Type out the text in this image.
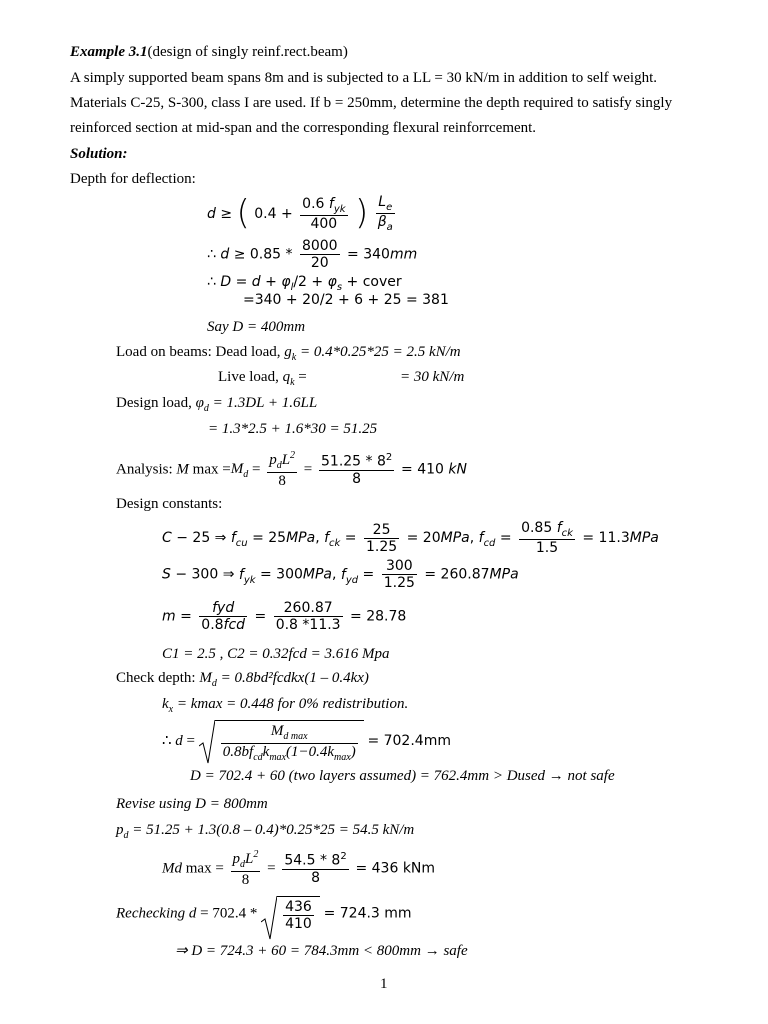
Example 3.1(design of singly reinf.rect.beam)
A simply supported beam spans 8m and is subjected to a LL = 30 kN/m in addition to self weight.
Materials C-25, S-300, class I are used. If b = 250mm, determine the depth required to satisfy singly
reinforced section at mid-span and the corresponding flexural reinforrcement.
Solution:
Depth for deflection:
d ≥ ( $0.4 + \frac{0.6 f_{yk}}{400}$ ) $\frac{L_e}{\beta_a}$
∴ $d \ge 0.85 * \frac{8000}{20} = 340mm$
∴ $D = d + \varphi_l/2 + \varphi_s$ + cover
=340 + 20/2 + 6 + 25 = 381
Say D = 400mm
Load on beams: Dead load, $g_k = 0.4*0.25*25 = 2.5$ kN/m
Live load, $q_k$ =	= 30 kN/m
Design load, $\varphi_d = 1.3DL + 1.6LL$
= 1.3*2.5 + 1.6*30 = 51.25
Analysis: M $\max =M_d = \frac{p_dL^2}{8} = \frac{51.25 * 8^2}{8} = 410$ kN
Design constants:
C − 25 ⇒ $f_{cu} = 25MPa$, $f_{ck} = \frac{25}{1.25} = 20MPa$, $f_{cd} = \frac{0.85 f_{ck}}{1.5} = 11.3MPa$
S − 300 ⇒ $f_{yk} = 300MPa$, $f_{yd} = \frac{300}{1.25} = 260.87MPa$
$m = \frac{\text{fyd}}{\text{0.8fcd}} = \frac{260.87}{0.8 *11.3} = 28.78$
C1 = 2.5 , C2 = 0.32fcd = 3.616 Mpa
Check depth: $M_d$ = 0.8bd²fcdkx(1 – 0.4kx)
$k_x = kmax = 0.448$ for 0% redistribution.
∴ $d = \frac{M_{d max}}{0.8bf_{cd}k_{max}(1-0.4k_{max})} = 702.4mm$
D = 702.4 + 60 (two layers assumed) = 762.4mm > Dused → not safe
Revise using D = 800mm
$p_d = 51.25 + 1.3(0.8 - 0.4)*0.25*25 = 54.5$ kN/m
Md $\max = \frac{p_dL^2}{8} = \frac{54.5 * 8^2}{8} = 436$ kNm
Rechecking $d = 702.4 * \frac{436}{410} = 724.3$ mm
⇒ D = 724.3 + 60 = 784.3mm < 800mm → safe
1
